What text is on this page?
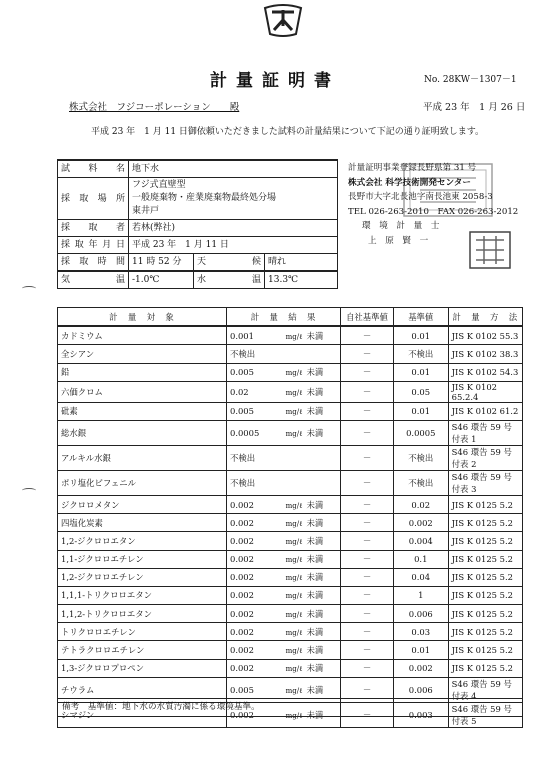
計量証明書	No. 28KW－1307－1
株式会社　フジコーポレーション　　殿	平成 23 年　1 月 26 日
平成 23 年　1 月 11 日御依頼いただきました試料の計量結果について下記の通り証明致します。
試　料　名	地下水		
採　取　場　所	フジ式直壁型
一般廃棄物・産業廃棄物最終処分場
東井戸		

採　取　者	若林(弊社)		
採取年月日	平成 23 年　1 月 11 日		
採　取　時　間	11 時 52 分	天　　候	晴れ
気　　温	-1.0℃	水　　温	13.3℃
計量証明事業登録長野県第 31 号
株式会社 科学技術開発センター
長野市大字北長池字南長池東 2058-3
TEL 026-263-2010　FAX 026-263-2012
環　境　計　量　士
上　原　賢　一
計　量　対　象	計　量　結　果		自社基準値	基準値	計　量　方　法
カドミウム	0.001	mg/ℓ 未満	－	0.01	JIS K 0102 55.3
全シアン	不検出		－	不検出	JIS K 0102 38.3
鉛	0.005	mg/ℓ 未満	－	0.01	JIS K 0102 54.3
六価クロム	0.02	mg/ℓ 未満	－	0.05	JIS K 0102 65.2.4
砒素	0.005	mg/ℓ 未満	－	0.01	JIS K 0102 61.2
総水銀	0.0005	mg/ℓ 未満	－	0.0005	S46 環告 59 号付表 1
アルキル水銀	不検出		－	不検出	S46 環告 59 号付表 2
ポリ塩化ビフェニル	不検出		－	不検出	S46 環告 59 号付表 3
ジクロロメタン	0.002	mg/ℓ 未満	－	0.02	JIS K 0125 5.2
四塩化炭素	0.002	mg/ℓ 未満	－	0.002	JIS K 0125 5.2
1,2-ジクロロエタン	0.002	mg/ℓ 未満	－	0.004	JIS K 0125 5.2
1,1-ジクロロエチレン	0.002	mg/ℓ 未満	－	0.1	JIS K 0125 5.2
1,2-ジクロロエチレン	0.002	mg/ℓ 未満	－	0.04	JIS K 0125 5.2
1,1,1-トリクロロエタン	0.002	mg/ℓ 未満	－	1	JIS K 0125 5.2
1,1,2-トリクロロエタン	0.002	mg/ℓ 未満	－	0.006	JIS K 0125 5.2
トリクロロエチレン	0.002	mg/ℓ 未満	－	0.03	JIS K 0125 5.2
テトラクロロエチレン	0.002	mg/ℓ 未満	－	0.01	JIS K 0125 5.2
1,3-ジクロロプロペン	0.002	mg/ℓ 未満	－	0.002	JIS K 0125 5.2
チウラム	0.005	mg/ℓ 未満	－	0.006	S46 環告 59 号付表 4
シマジン	0.002	mg/ℓ 未満	－	0.003	S46 環告 59 号付表 5
備考　基準値：地下水の水質汚濁に係る環境基準。
